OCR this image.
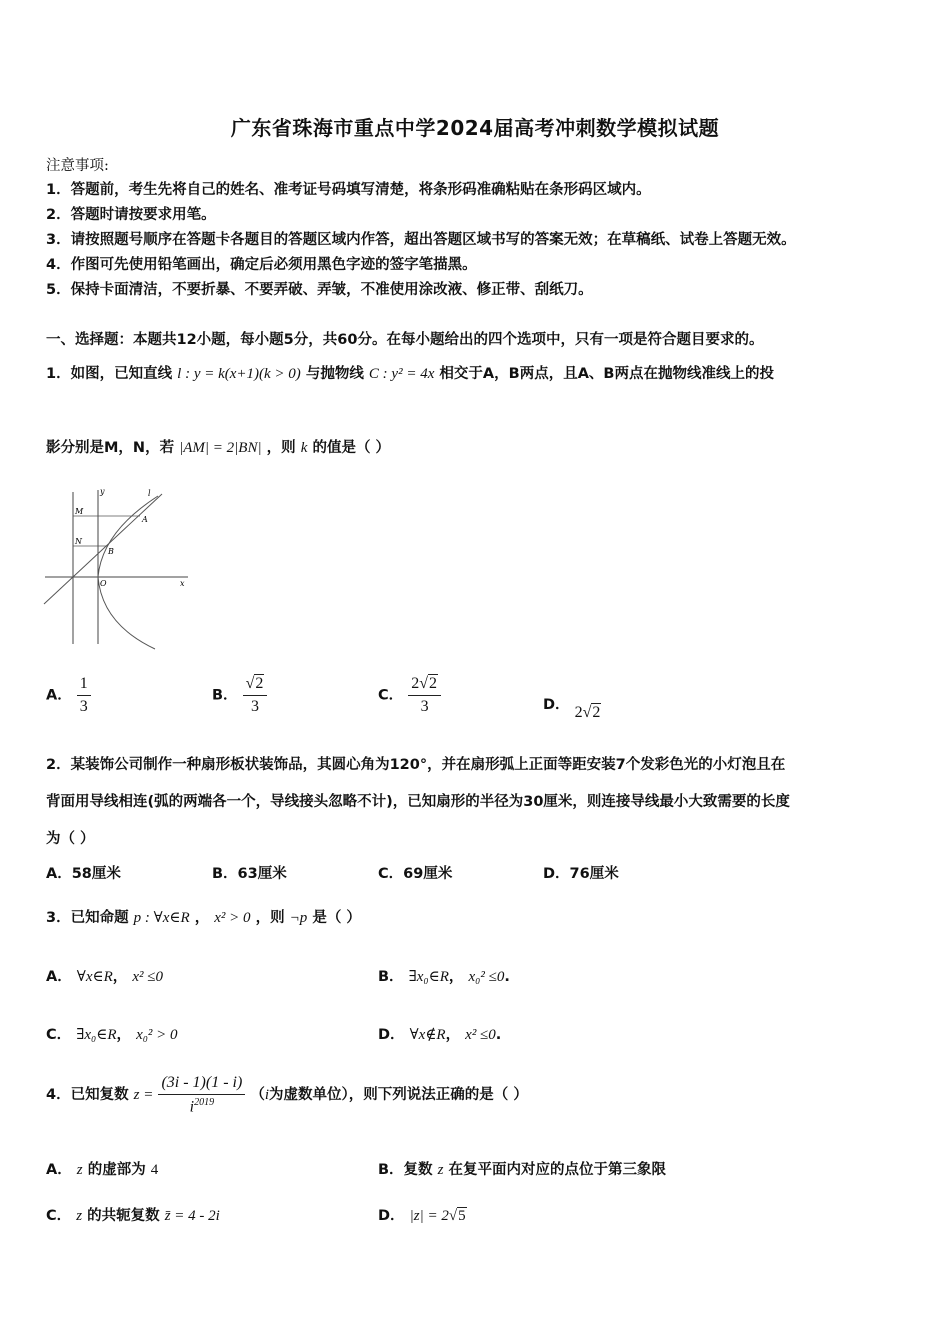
广东省珠海市重点中学2024届高考冲刺数学模拟试题
注意事项:
1．答题前，考生先将自己的姓名、准考证号码填写清楚，将条形码准确粘贴在条形码区域内。
2．答题时请按要求用笔。
3．请按照题号顺序在答题卡各题目的答题区域内作答，超出答题区域书写的答案无效；在草稿纸、试卷上答题无效。
4．作图可先使用铅笔画出，确定后必须用黑色字迹的签字笔描黑。
5．保持卡面清洁，不要折暴、不要弄破、弄皱，不准使用涂改液、修正带、刮纸刀。
一、选择题：本题共12小题，每小题5分，共60分。在每小题给出的四个选项中，只有一项是符合题目要求的。
1．如图，已知直线 l : y = k(x+1)(k > 0) 与抛物线 C : y² = 4x 相交于A，B两点，且A、B两点在抛物线准线上的投
影分别是M，N，若 |AM| = 2|BN| ，则 k 的值是（ ）
y	l
M
A
N
B
O	x
A． $\frac{1}{3}$	B． $\frac{√2}{3}$	C． $\frac{2√2}{3}$	D． 2√2
2．某装饰公司制作一种扇形板状装饰品，其圆心角为120°，并在扇形弧上正面等距安装7个发彩色光的小灯泡且在
背面用导线相连(弧的两端各一个，导线接头忽略不计)，已知扇形的半径为30厘米，则连接导线最小大致需要的长度
为（ ）
A．58厘米	B．63厘米	C．69厘米	D．76厘米
3．已知命题 p : ∀x∈R ， x² > 0 ，则 ¬p 是（ ）
A． ∀x∈R， x² ≤0	B． ∃x₀∈R， x₀² ≤0.
C． ∃x₀∈R， x₀² > 0	D． ∀x∉R， x² ≤0.
4．已知复数 $z = \frac{(3i - 1)(1 - i)}{i^{2019}} (i$为虚数单位），则下列说法正确的是（ ）
A． z 的虚部为 4	B．复数 z 在复平面内对应的点位于第三象限
C． z 的共轭复数 z̄ = 4 - 2i	D． |z| = 2√5
